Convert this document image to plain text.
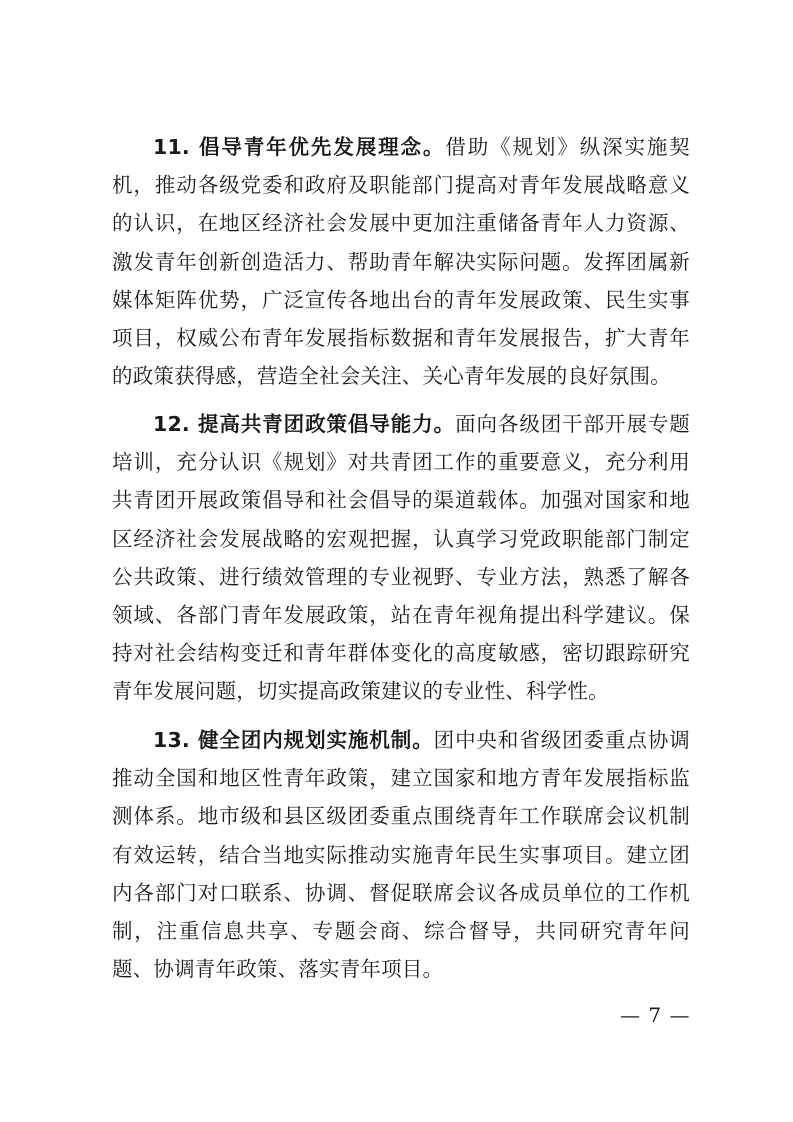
11. 倡导青年优先发展理念。借助《规划》纵深实施契机，推动各级党委和政府及职能部门提高对青年发展战略意义的认识，在地区经济社会发展中更加注重储备青年人力资源、激发青年创新创造活力、帮助青年解决实际问题。发挥团属新媒体矩阵优势，广泛宣传各地出台的青年发展政策、民生实事项目，权威公布青年发展指标数据和青年发展报告，扩大青年的政策获得感，营造全社会关注、关心青年发展的良好氛围。

12. 提高共青团政策倡导能力。面向各级团干部开展专题培训，充分认识《规划》对共青团工作的重要意义，充分利用共青团开展政策倡导和社会倡导的渠道载体。加强对国家和地区经济社会发展战略的宏观把握，认真学习党政职能部门制定公共政策、进行绩效管理的专业视野、专业方法，熟悉了解各领域、各部门青年发展政策，站在青年视角提出科学建议。保持对社会结构变迁和青年群体变化的高度敏感，密切跟踪研究青年发展问题，切实提高政策建议的专业性、科学性。

13. 健全团内规划实施机制。团中央和省级团委重点协调推动全国和地区性青年政策，建立国家和地方青年发展指标监测体系。地市级和县区级团委重点围绕青年工作联席会议机制有效运转，结合当地实际推动实施青年民生实事项目。建立团内各部门对口联系、协调、督促联席会议各成员单位的工作机制，注重信息共享、专题会商、综合督导，共同研究青年问题、协调青年政策、落实青年项目。

— 7 —
